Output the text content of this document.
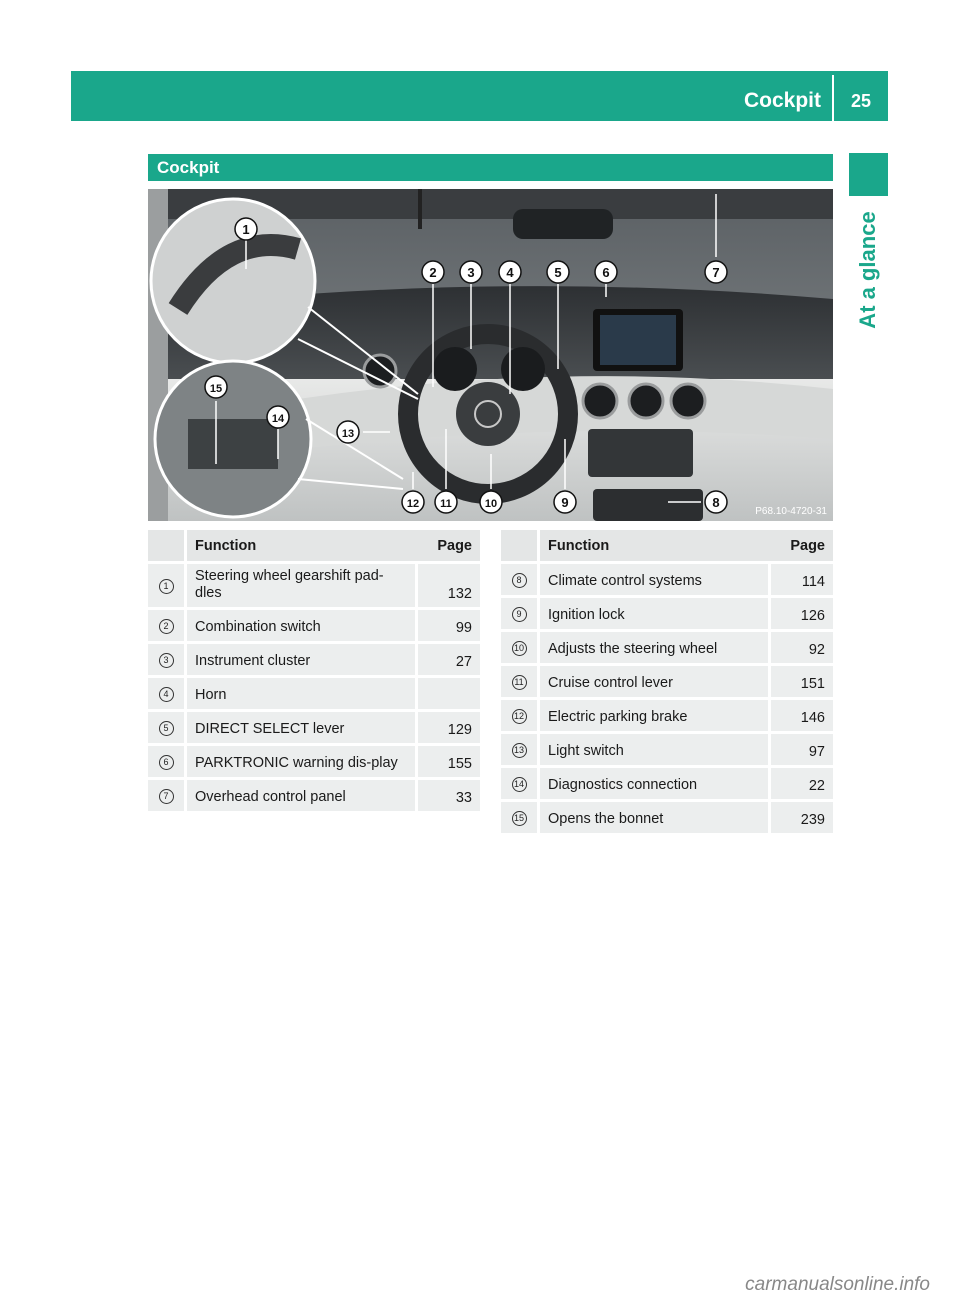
Cockpit 25
At a glance
Cockpit
1
2 3 4	5	6	7
8
9
10
11
12
13
14
15
P68.10-4720-31
	Function	Page
1	Steering wheel gearshift pad-dles	132
2	Combination switch	99
3	Instrument cluster	27
4	Horn	
5	DIRECT SELECT lever	129
6	PARKTRONIC warning dis-play	155
7	Overhead control panel	33
	Function	Page
8	Climate control systems	114
9	Ignition lock	126
10	Adjusts the steering wheel	92
11	Cruise control lever	151
12	Electric parking brake	146
13	Light switch	97
14	Diagnostics connection	22
15	Opens the bonnet	239
carmanualsonline.info
